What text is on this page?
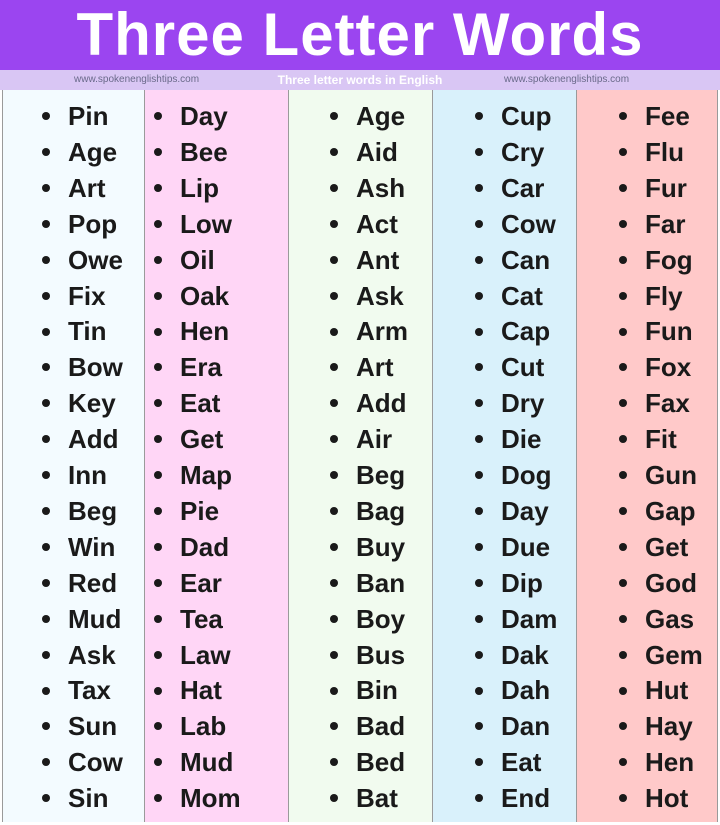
Three Letter Words
www.spokenenglishtips.com	Three letter words in English	www.spokenenglishtips.com
Pin
Age
Art
Pop
Owe
Fix
Tin
Bow
Key
Add
Inn
Beg
Win
Red
Mud
Ask
Tax
Sun
Cow
Sin
Day
Bee
Lip
Low
Oil
Oak
Hen
Era
Eat
Get
Map
Pie
Dad
Ear
Tea
Law
Hat
Lab
Mud
Mom
Age
Aid
Ash
Act
Ant
Ask
Arm
Art
Add
Air
Beg
Bag
Buy
Ban
Boy
Bus
Bin
Bad
Bed
Bat
Cup
Cry
Car
Cow
Can
Cat
Cap
Cut
Dry
Die
Dog
Day
Due
Dip
Dam
Dak
Dah
Dan
Eat
End
Fee
Flu
Fur
Far
Fog
Fly
Fun
Fox
Fax
Fit
Gun
Gap
Get
God
Gas
Gem
Hut
Hay
Hen
Hot
